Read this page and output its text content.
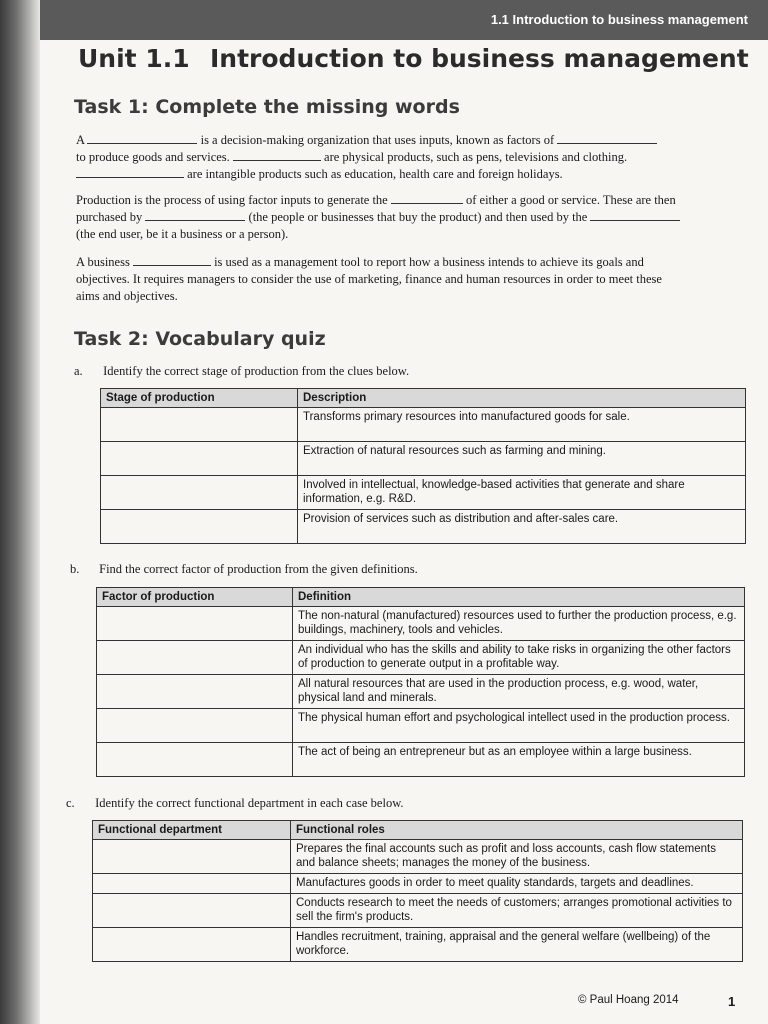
1.1 Introduction to business management
Unit 1.1 Introduction to business management
Task 1: Complete the missing words
A	is a decision-making organization that uses inputs, known as factors of
to produce goods and services.	are physical products, such as pens, televisions and clothing.
are intangible products such as education, health care and foreign holidays.
Production is the process of using factor inputs to generate the	of either a good or service. These are then
purchased by	(the people or businesses that buy the product) and then used by the
(the end user, be it a business or a person).
A business	is used as a management tool to report how a business intends to achieve its goals and
objectives. It requires managers to consider the use of marketing, finance and human resources in order to meet these
aims and objectives.
Task 2: Vocabulary quiz
a. Identify the correct stage of production from the clues below.
Stage of production	Description
	Transforms primary resources into manufactured goods for sale.
	Extraction of natural resources such as farming and mining.
	Involved in intellectual, knowledge-based activities that generate and share information, e.g. R&D.
	Provision of services such as distribution and after-sales care.
b. Find the correct factor of production from the given definitions.
Factor of production	Definition
	The non-natural (manufactured) resources used to further the production process, e.g. buildings, machinery, tools and vehicles.
	An individual who has the skills and ability to take risks in organizing the other factors of production to generate output in a profitable way.
	All natural resources that are used in the production process, e.g. wood, water, physical land and minerals.
	The physical human effort and psychological intellect used in the production process.
	The act of being an entrepreneur but as an employee within a large business.
c. Identify the correct functional department in each case below.
Functional department	Functional roles
	Prepares the final accounts such as profit and loss accounts, cash flow statements and balance sheets; manages the money of the business.
	Manufactures goods in order to meet quality standards, targets and deadlines.
	Conducts research to meet the needs of customers; arranges promotional activities to sell the firm's products.
	Handles recruitment, training, appraisal and the general welfare (wellbeing) of the workforce.
© Paul Hoang 2014	1
